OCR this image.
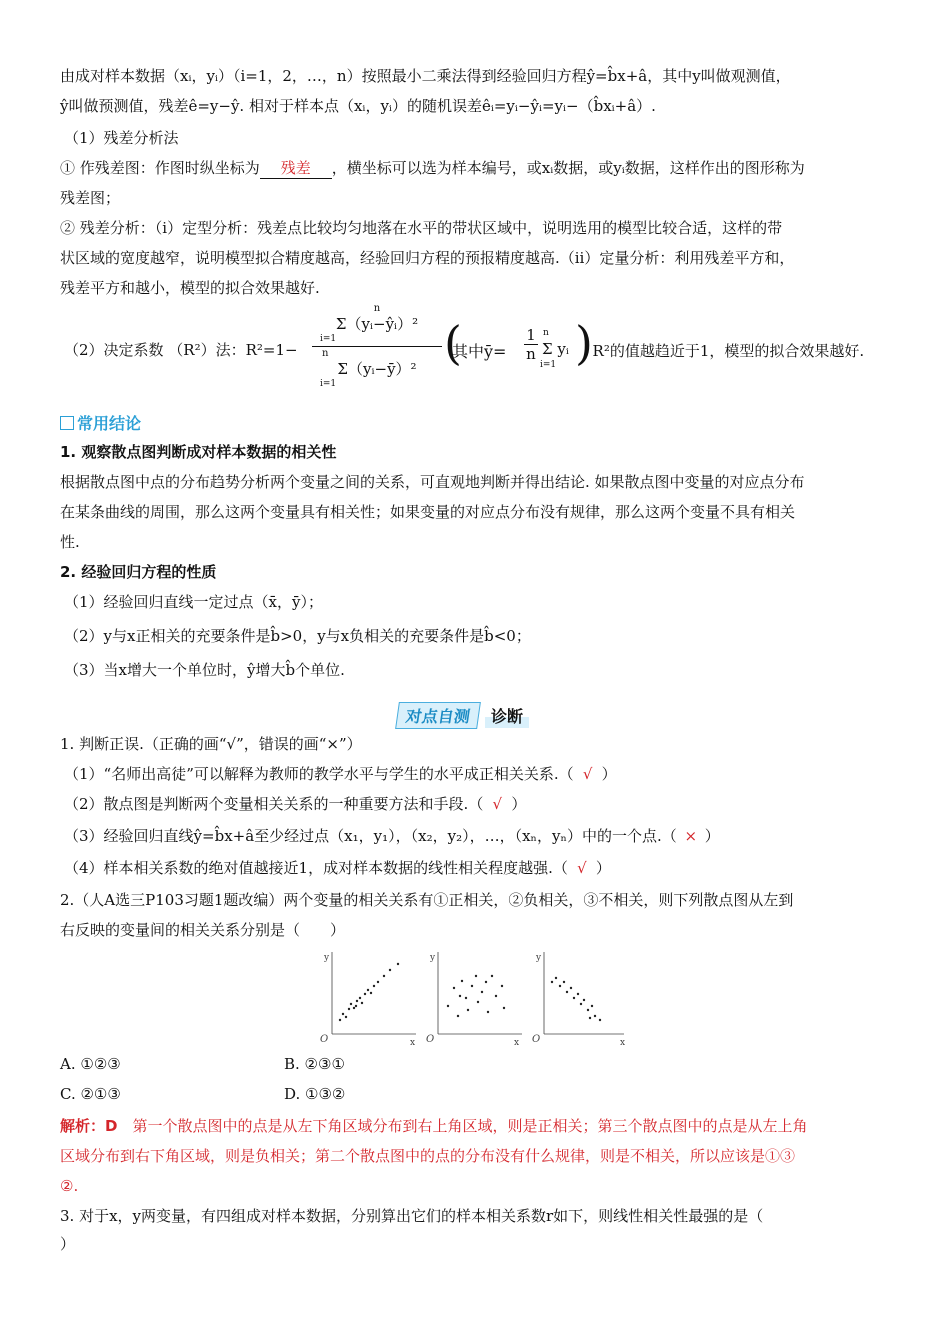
由成对样本数据（xᵢ，yᵢ）（i=1，2，…，n）按照最小二乘法得到经验回归方程ŷ=b̂x+â，其中y叫做观测值，
ŷ叫做预测值，残差ê=y−ŷ. 相对于样本点（xᵢ，yᵢ）的随机误差êᵢ=yᵢ−ŷᵢ=yᵢ−（b̂xᵢ+â）.
（1）残差分析法
① 作残差图：作图时纵坐标为 残差 ，横坐标可以选为样本编号，或xᵢ数据，或yᵢ数据，这样作出的图形称为
残差图；
② 残差分析：（ⅰ）定型分析：残差点比较均匀地落在水平的带状区域中，说明选用的模型比较合适，这样的带
状区域的宽度越窄，说明模型拟合精度越高，经验回归方程的预报精度越高.（ⅱ）定量分析：利用残差平方和，
残差平方和越小，模型的拟合效果越好.
（2）决定系数 （R²）法：R²=1−
n
Σ（yᵢ−ŷᵢ）²
i=1
n
Σ（yᵢ−ȳ）²
i=1
(
其中ȳ=
1
n
n
Σ yᵢ
i=1 )
. R²的值越趋近于1，模型的拟合效果越好.
常用结论
1. 观察散点图判断成对样本数据的相关性
根据散点图中点的分布趋势分析两个变量之间的关系，可直观地判断并得出结论. 如果散点图中变量的对应点分布
在某条曲线的周围，那么这两个变量具有相关性；如果变量的对应点分布没有规律，那么这两个变量不具有相关
性.
2. 经验回归方程的性质
（1）经验回归直线一定过点（x̄，ȳ）；
（2）y与x正相关的充要条件是b̂>0，y与x负相关的充要条件是b̂<0；
（3）当x增大一个单位时，ŷ增大b̂个单位.
对点自测	诊断
1. 判断正误.（正确的画“√”，错误的画“×”）
（1）“名师出高徒”可以解释为教师的教学水平与学生的水平成正相关关系.（ √ ）
（2）散点图是判断两个变量相关关系的一种重要方法和手段.（ √ ）
（3）经验回归直线ŷ=b̂x+â至少经过点（x₁，y₁），（x₂，y₂），…，（xₙ，yₙ）中的一个点.（ × ）
（4）样本相关系数的绝对值越接近1，成对样本数据的线性相关程度越强.（ √ ）
2.（人A选三P103习题1题改编）两个变量的相关关系有①正相关，②负相关，③不相关，则下列散点图从左到
右反映的变量间的相关关系分别是（　　）
y
O	x
y
O	x
y
O	x
A. ①②③	B. ②③①
C. ②①③	D. ①③②
解析：D　第一个散点图中的点是从左下角区域分布到右上角区域，则是正相关；第三个散点图中的点是从左上角
区域分布到右下角区域，则是负相关；第二个散点图中的点的分布没有什么规律，则是不相关，所以应该是①③
②.
3. 对于x，y两变量，有四组成对样本数据，分别算出它们的样本相关系数r如下，则线性相关性最强的是（
）
